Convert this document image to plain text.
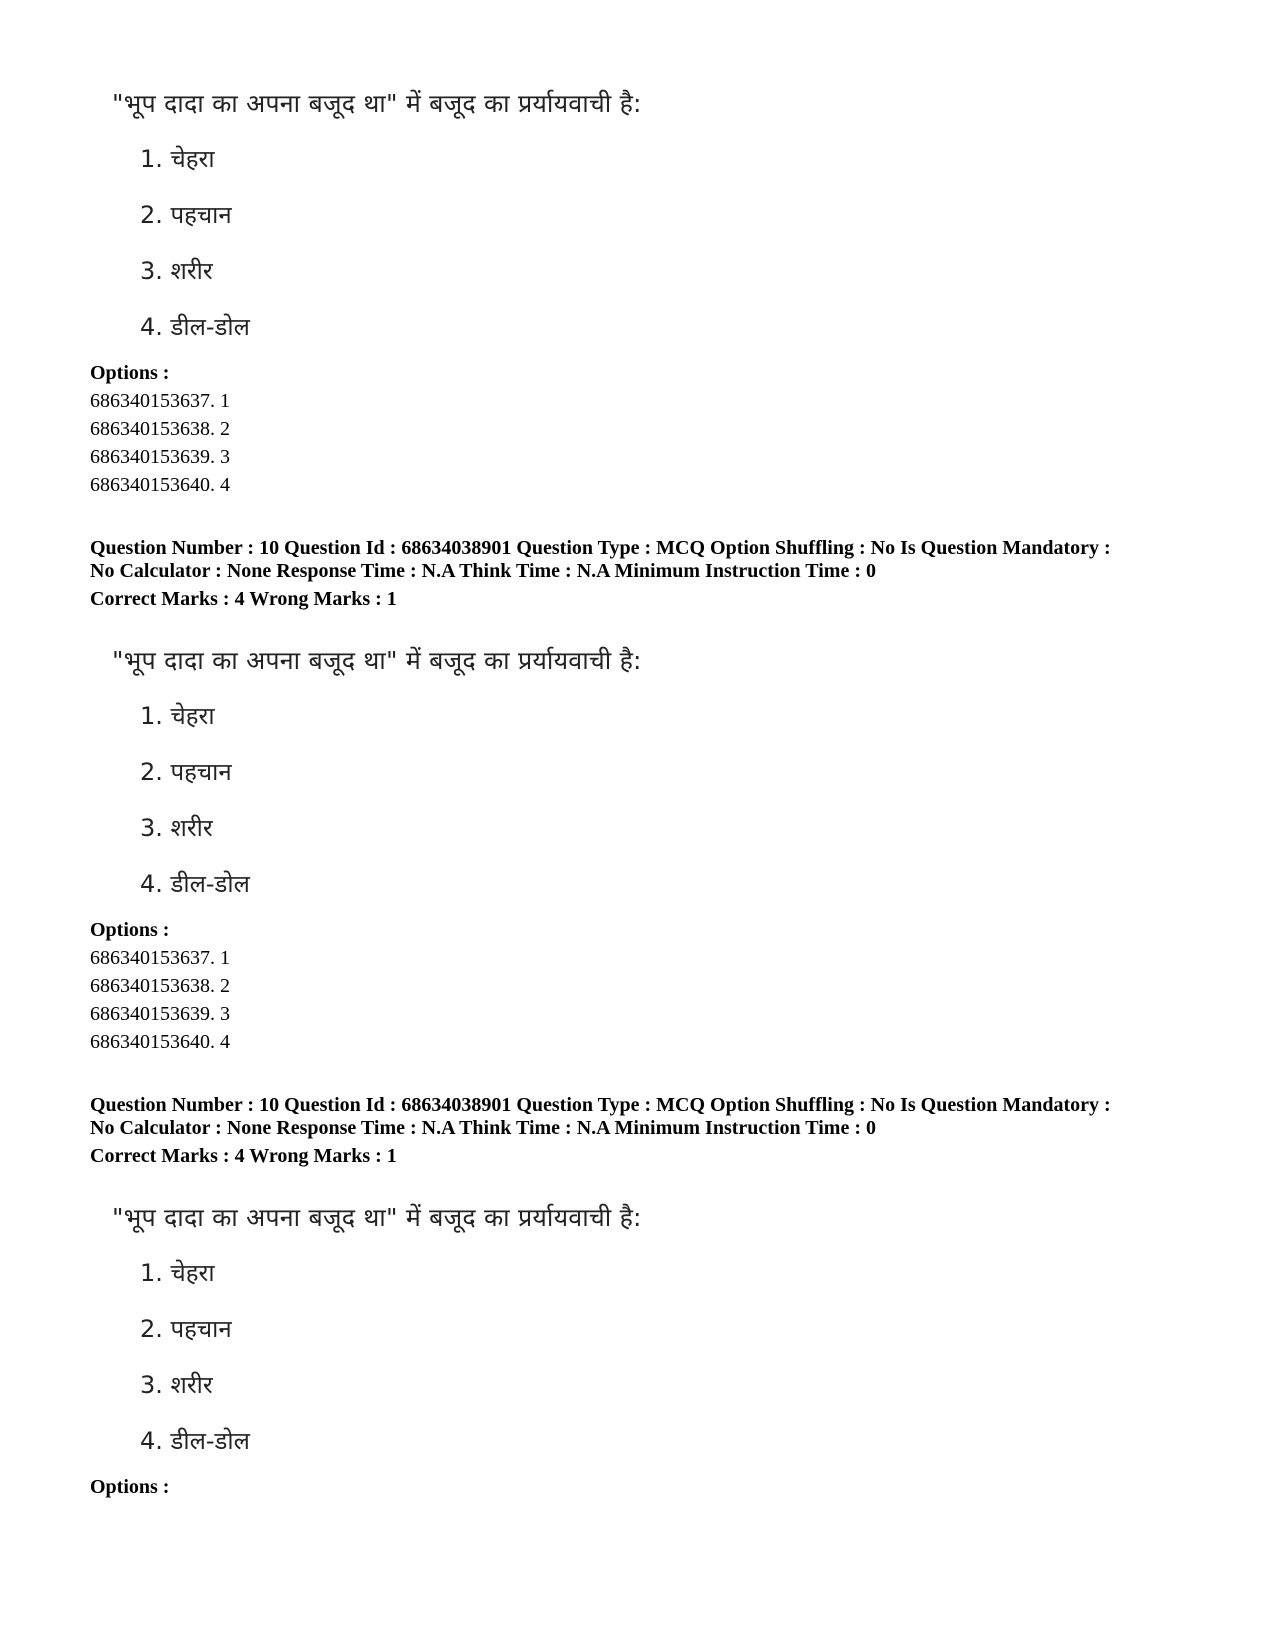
"भूप दादा का अपना बजूद था" में बजूद का प्रर्यायवाची है:
1. चेहरा
2. पहचान
3. शरीर
4. डील-डोल
Options :
686340153637. 1
686340153638. 2
686340153639. 3
686340153640. 4
Question Number : 10 Question Id : 68634038901 Question Type : MCQ Option Shuffling : No Is Question Mandatory :
No Calculator : None Response Time : N.A Think Time : N.A Minimum Instruction Time : 0
Correct Marks : 4 Wrong Marks : 1
"भूप दादा का अपना बजूद था" में बजूद का प्रर्यायवाची है:
1. चेहरा
2. पहचान
3. शरीर
4. डील-डोल
Options :
686340153637. 1
686340153638. 2
686340153639. 3
686340153640. 4
Question Number : 10 Question Id : 68634038901 Question Type : MCQ Option Shuffling : No Is Question Mandatory :
No Calculator : None Response Time : N.A Think Time : N.A Minimum Instruction Time : 0
Correct Marks : 4 Wrong Marks : 1
"भूप दादा का अपना बजूद था" में बजूद का प्रर्यायवाची है:
1. चेहरा
2. पहचान
3. शरीर
4. डील-डोल
Options :
